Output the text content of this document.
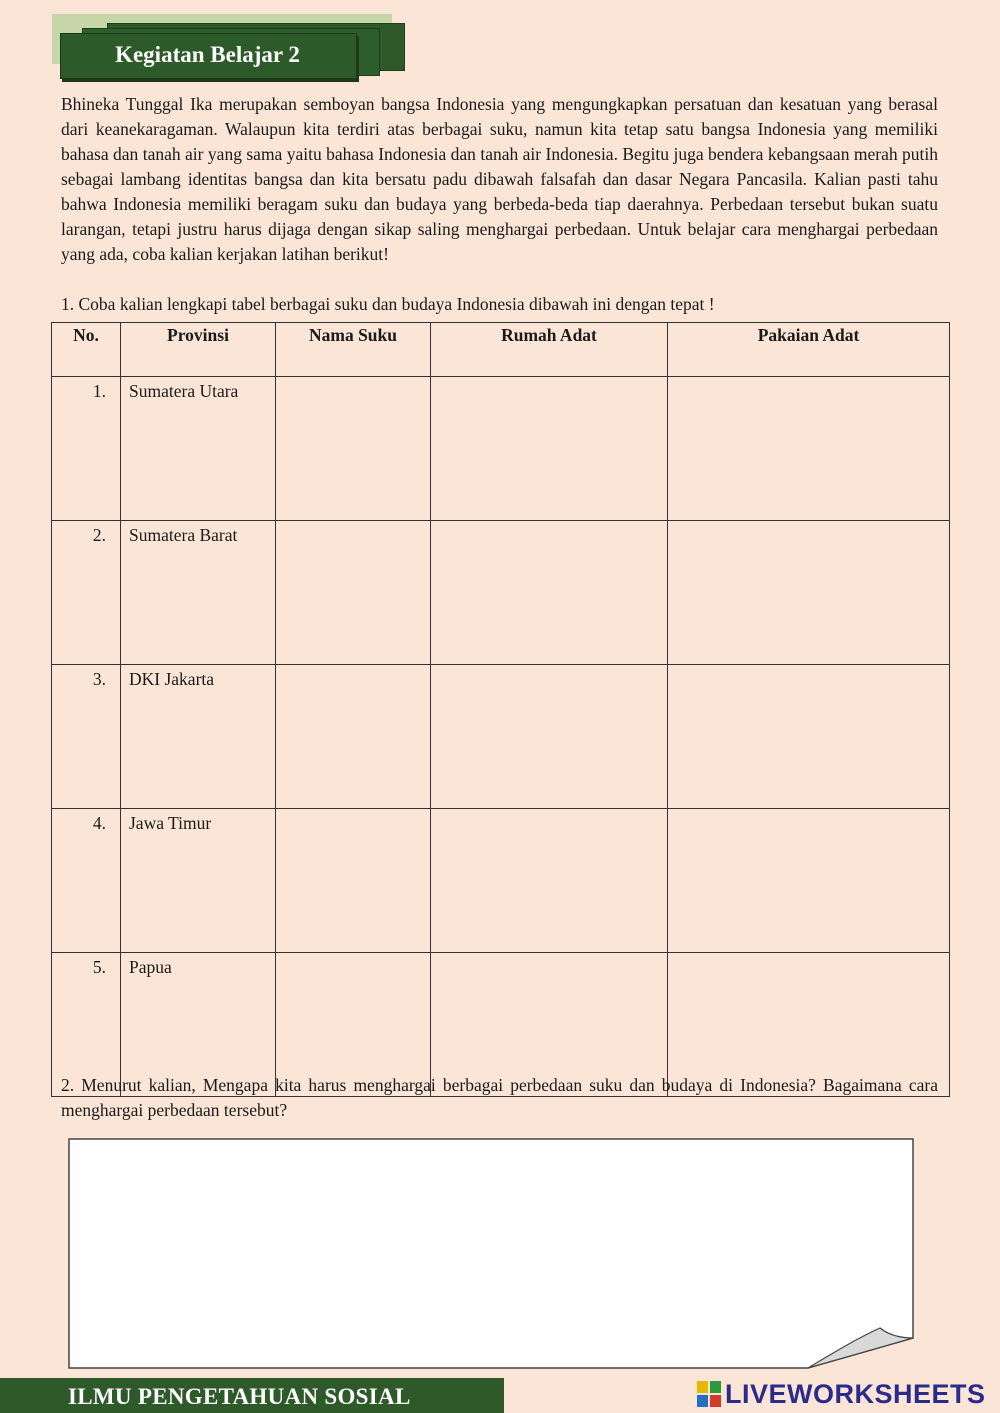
Kegiatan Belajar 2

Bhineka Tunggal Ika merupakan semboyan bangsa Indonesia yang mengungkapkan persatuan dan kesatuan yang berasal dari keanekaragaman. Walaupun kita terdiri atas berbagai suku, namun kita tetap satu bangsa Indonesia yang memiliki bahasa dan tanah air yang sama yaitu bahasa Indonesia dan tanah air Indonesia. Begitu juga bendera kebangsaan merah putih sebagai lambang identitas bangsa dan kita bersatu padu dibawah falsafah dan dasar Negara Pancasila. Kalian pasti tahu bahwa Indonesia memiliki beragam suku dan budaya yang berbeda-beda tiap daerahnya. Perbedaan tersebut bukan suatu larangan, tetapi justru harus dijaga dengan sikap saling menghargai perbedaan. Untuk belajar cara menghargai perbedaan yang ada, coba kalian kerjakan latihan berikut!

1. Coba kalian lengkapi tabel berbagai suku dan budaya Indonesia dibawah ini dengan tepat !

No.	Provinsi	Nama Suku	Rumah Adat	Pakaian Adat
1.	Sumatera Utara			
2.	Sumatera Barat			
3.	DKI Jakarta			
4.	Jawa Timur			
5.	Papua			

2. Menurut kalian, Mengapa kita harus menghargai berbagai perbedaan suku dan budaya di Indonesia? Bagaimana cara menghargai perbedaan tersebut?

ILMU PENGETAHUAN SOSIAL	LIVEWORKSHEETS
